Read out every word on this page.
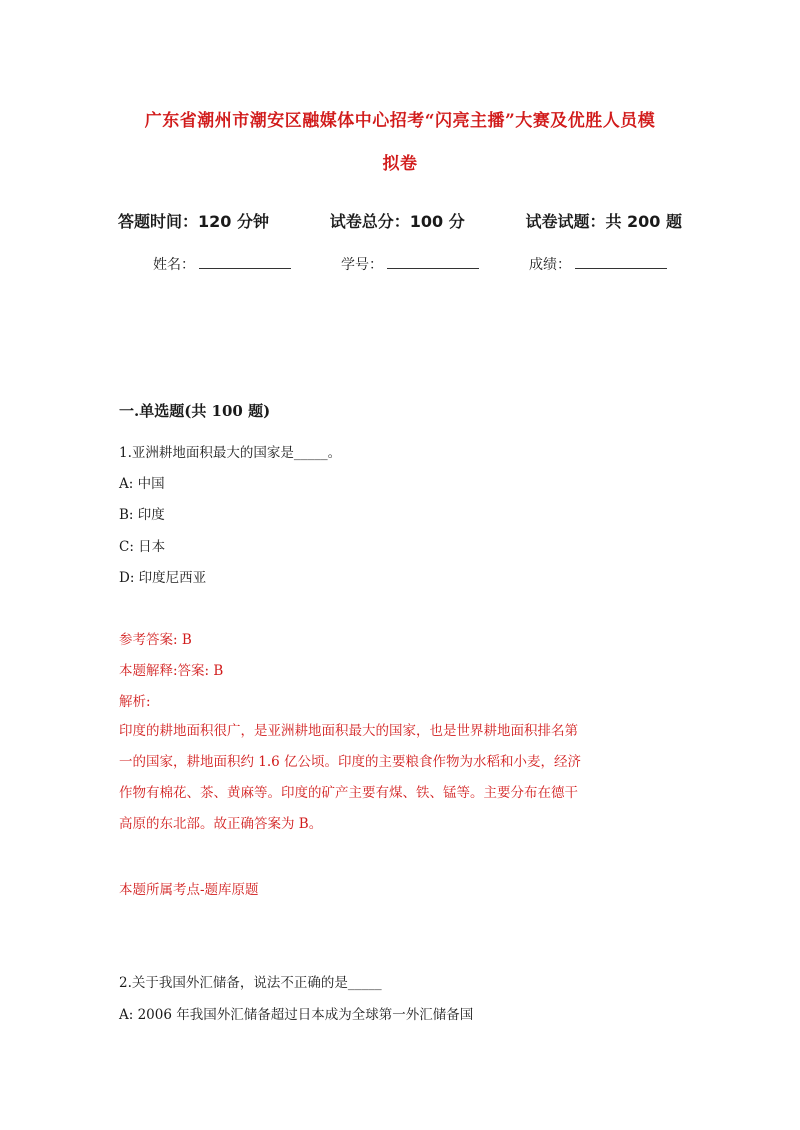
广东省潮州市潮安区融媒体中心招考“闪亮主播”大赛及优胜人员模
拟卷
答题时间：120 分钟	试卷总分：100 分	试卷试题：共 200 题
姓名：	学号：	成绩：
一.单选题(共 100 题)
1.亚洲耕地面积最大的国家是_____。
A: 中国
B: 印度
C: 日本
D: 印度尼西亚
参考答案: B
本题解释:答案: B
解析:
印度的耕地面积很广，是亚洲耕地面积最大的国家，也是世界耕地面积排名第
一的国家，耕地面积约 1.6 亿公顷。印度的主要粮食作物为水稻和小麦，经济
作物有棉花、茶、黄麻等。印度的矿产主要有煤、铁、锰等。主要分布在德干
高原的东北部。故正确答案为 B。
本题所属考点-题库原题
2.关于我国外汇储备，说法不正确的是_____
A: 2006 年我国外汇储备超过日本成为全球第一外汇储备国
